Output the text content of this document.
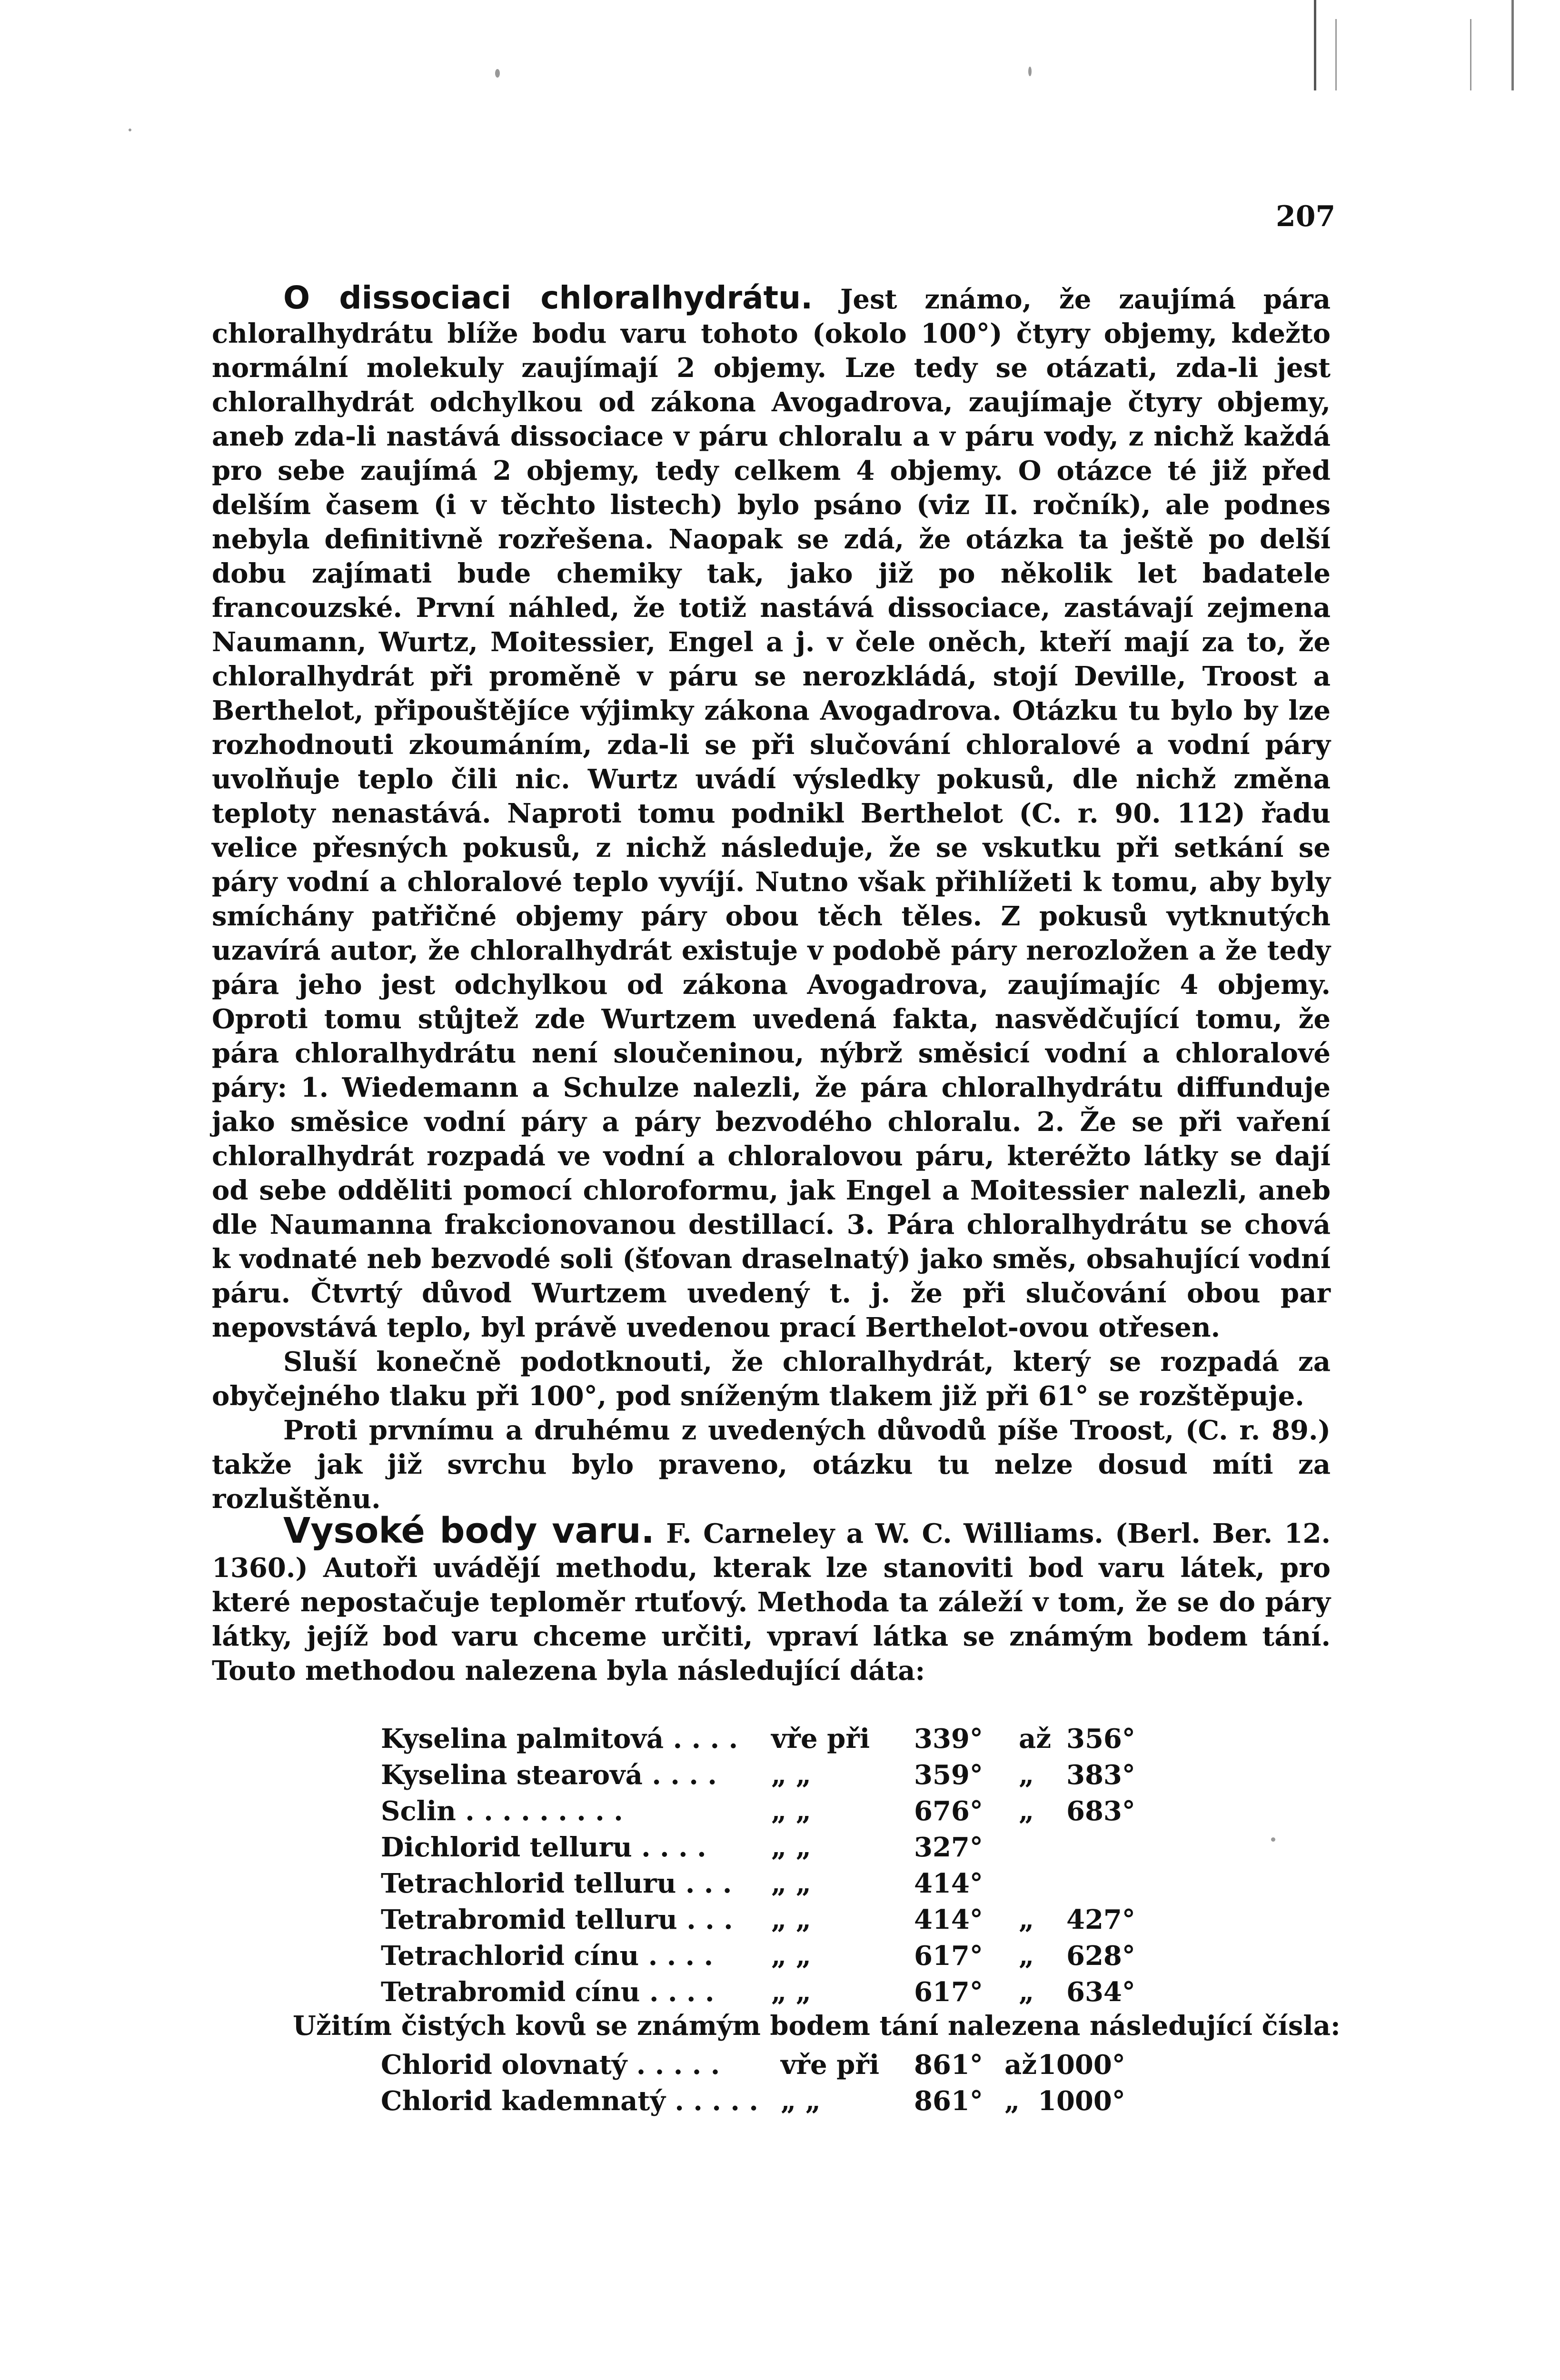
207

O dissociaci chloralhydrátu. Jest známo, že zaujímá pára chloralhydrátu blíže bodu varu tohoto (okolo 100°) čtyry objemy, kdežto normální molekuly zaujímají 2 objemy. Lze tedy se otázati, zda-li jest chloralhydrát odchylkou od zákona Avogadrova, zaujímaje čtyry objemy, aneb zda-li nastává dissociace v páru chloralu a v páru vody, z nichž každá pro sebe zaujímá 2 objemy, tedy celkem 4 objemy. O otázce té již před delším časem (i v těchto listech) bylo psáno (viz II. ročník), ale podnes nebyla definitivně rozřešena. Naopak se zdá, že otázka ta ještě po delší dobu zajímati bude chemiky tak, jako již po několik let badatele francouzské. První náhled, že totiž nastává dissociace, zastávají zejmena Naumann, Wurtz, Moitessier, Engel a j. v čele oněch, kteří mají za to, že chloralhydrát při proměně v páru se nerozkládá, stojí Deville, Troost a Berthelot, připouštějíce výjimky zákona Avogadrova. Otázku tu bylo by lze rozhodnouti zkoumáním, zda-li se při slučování chloralové a vodní páry uvolňuje teplo čili nic. Wurtz uvádí výsledky pokusů, dle nichž změna teploty nenastává. Naproti tomu podnikl Berthelot (C. r. 90. 112) řadu velice přesných pokusů, z nichž následuje, že se vskutku při setkání se páry vodní a chloralové teplo vyvíjí. Nutno však přihlížeti k tomu, aby byly smíchány patřičné objemy páry obou těch těles. Z pokusů vytknutých uzavírá autor, že chloralhydrát existuje v podobě páry nerozložen a že tedy pára jeho jest odchylkou od zákona Avogadrova, zaujímajíc 4 objemy. Oproti tomu stůjtež zde Wurtzem uvedená fakta, nasvědčující tomu, že pára chloralhydrátu není sloučeninou, nýbrž směsicí vodní a chloralové páry: 1. Wiedemann a Schulze nalezli, že pára chloralhydrátu diffunduje jako směsice vodní páry a páry bezvodého chloralu. 2. Že se při vaření chloralhydrát rozpadá ve vodní a chloralovou páru, kteréžto látky se dají od sebe odděliti pomocí chloroformu, jak Engel a Moitessier nalezli, aneb dle Naumanna frakcionovanou destillací. 3. Pára chloralhydrátu se chová k vodnaté neb bezvodé soli (šťovan draselnatý) jako směs, obsahující vodní páru. Čtvrtý důvod Wurtzem uvedený t. j. že při slučování obou par nepovstává teplo, byl právě uvedenou prací Berthelot-ovou otřesen.

Sluší konečně podotknouti, že chloralhydrát, který se rozpadá za obyčejného tlaku při 100°, pod sníženým tlakem již při 61° se rozštěpuje.

Proti prvnímu a druhému z uvedených důvodů píše Troost, (C. r. 89.) takže jak již svrchu bylo praveno, otázku tu nelze dosud míti za rozluštěnu.

Vysoké body varu. F. Carneley a W. C. Williams. (Berl. Ber. 12. 1360.) Autoři uvádějí methodu, kterak lze stanoviti bod varu látek, pro které nepostačuje teploměr rtuťový. Methoda ta záleží v tom, že se do páry látky, jejíž bod varu chceme určiti, vpraví látka se známým bodem tání. Touto methodou nalezena byla následující dáta:

Kyselina palmitová . . . .	vře při	339°	až 356°
Kyselina stearová . . . .	„ „	359°	„	383°
Sclin . . . . . . . . .	„ „	676°	„	683°
Dichlorid telluru . . . .	„ „	327°
Tetrachlorid telluru . . .	„ „	414°
Tetrabromid telluru . . .	„ „	414°	„	427°
Tetrachlorid cínu . . . .	„ „	617°	„	628°
Tetrabromid cínu . . . .	„ „	617°	„	634°
Užitím čistých kovů se známým bodem tání nalezena následující čísla:
Chlorid olovnatý . . . . .	vře při	861° až 1000°
Chlorid kademnatý . . . . . „ „	861° „ 1000°
